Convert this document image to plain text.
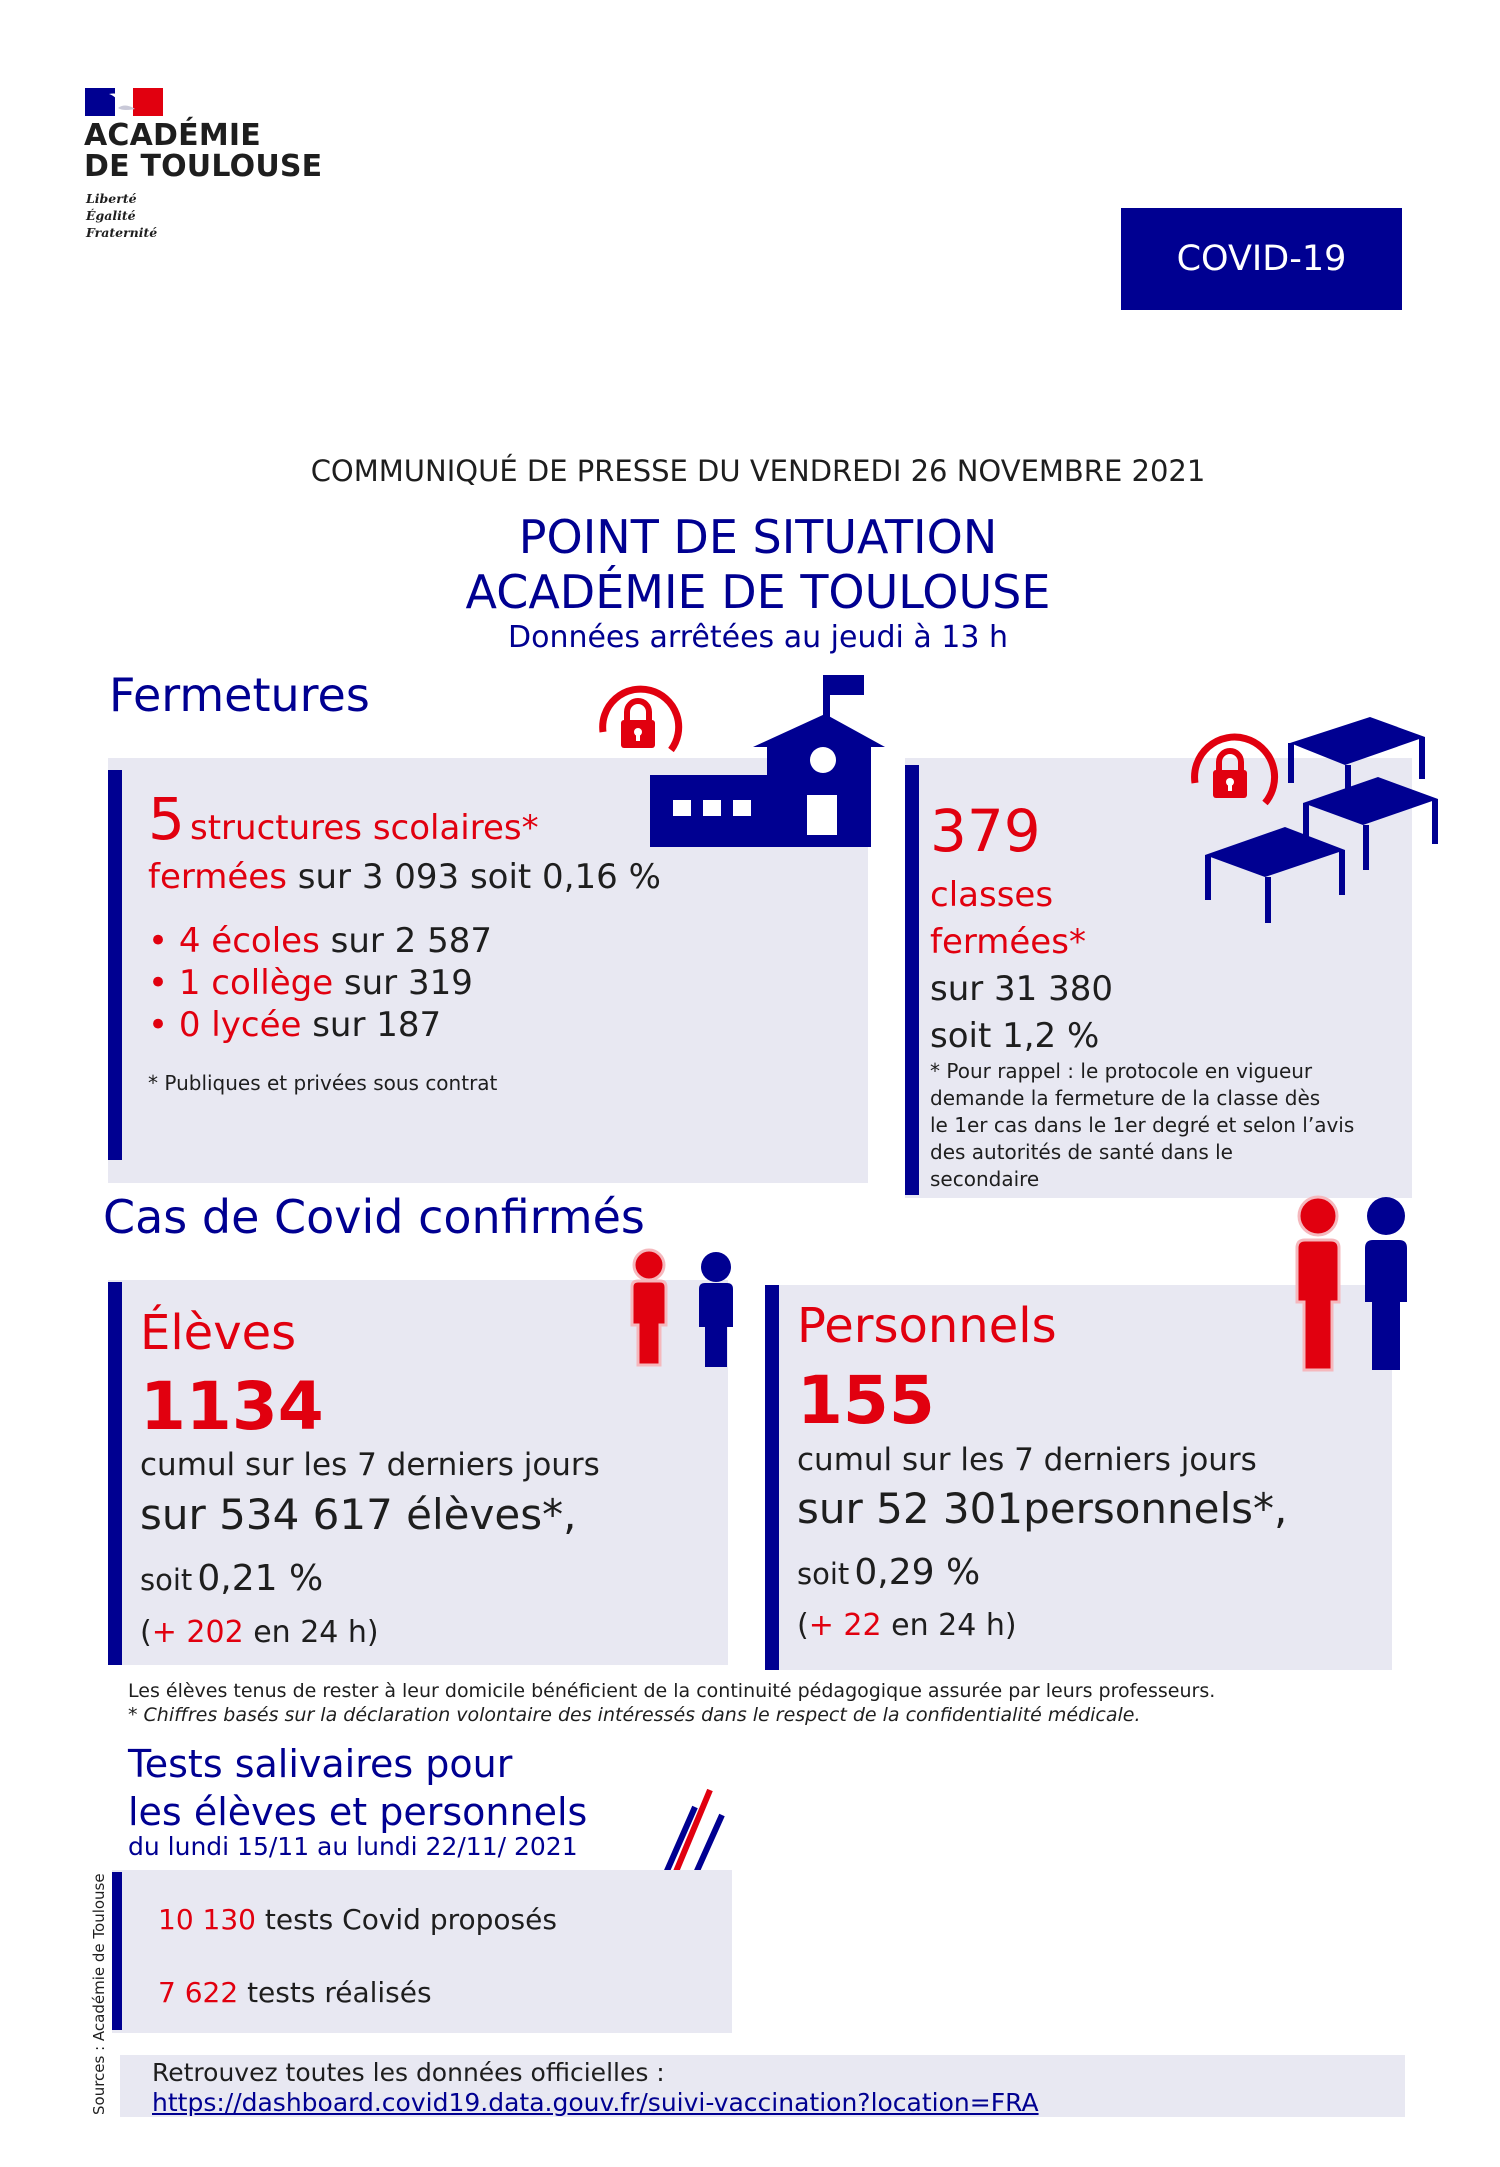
ACADÉMIE
DE TOULOUSE
Liberté
Égalité
Fraternité
COVID-19
COMMUNIQUÉ DE PRESSE DU VENDREDI 26 NOVEMBRE 2021
POINT DE SITUATION
ACADÉMIE DE TOULOUSE
Données arrêtées au jeudi à 13 h
Fermetures
5 structures scolaires*
fermées sur 3 093 soit 0,16 %
• 4 écoles sur 2 587
• 1 collège sur 319
• 0 lycée sur 187
* Publiques et privées sous contrat
379
classes
fermées*
sur 31 380
soit 1,2 %
* Pour rappel : le protocole en vigueur
demande la fermeture de la classe dès
le 1er cas dans le 1er degré et selon l’avis
des autorités de santé dans le
secondaire
Cas de Covid confirmés
Élèves
1134
cumul sur les 7 derniers jours
sur 534 617 élèves*,
soit 0,21 %
(+ 202 en 24 h)
Personnels
155
cumul sur les 7 derniers jours
sur 52 301personnels*,
soit 0,29 %
(+ 22 en 24 h)
Les élèves tenus de rester à leur domicile bénéficient de la continuité pédagogique assurée par leurs professeurs.
* Chiffres basés sur la déclaration volontaire des intéressés dans le respect de la confidentialité médicale.
Tests salivaires pour
les élèves et personnels
du lundi 15/11 au lundi 22/11/ 2021
10 130 tests Covid proposés
7 622 tests réalisés
Retrouvez toutes les données officielles :
https://dashboard.covid19.data.gouv.fr/suivi-vaccination?location=FRA
Sources : Académie de Toulouse
